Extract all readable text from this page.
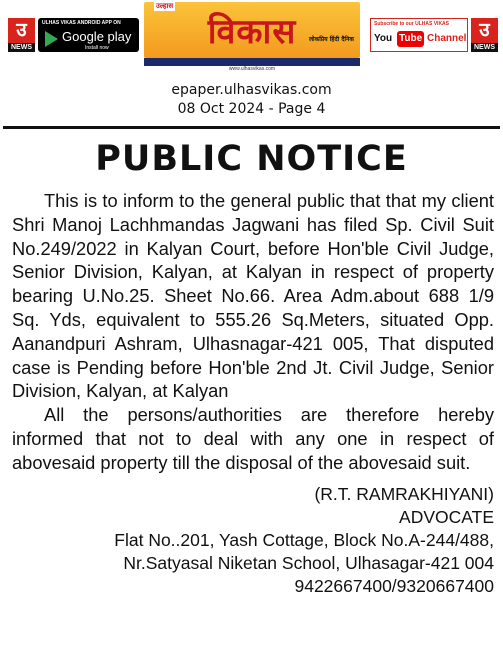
उ
NEWS
ULHAS VIKAS ANDROID APP ON
Google play
Install now
उल्हास
विकास	लोकप्रिय हिंदी दैनिक
www.ulhasvikas.com
Subscribe to our ULHAS VIKAS
You Tube Channel उ
NEWS
epaper.ulhasvikas.com
08 Oct 2024 - Page 4
PUBLIC NOTICE

This is to inform to the general public that that my client Shri Manoj Lachhmandas Jagwani has filed Sp. Civil Suit No.249/2022 in Kalyan Court, before Hon'ble Civil Judge, Senior Division, Kalyan, at Kalyan in respect of property bearing U.No.25. Sheet No.66. Area Adm.about 688 1/9 Sq. Yds, equivalent to 555.26 Sq.Meters, situated Opp. Aanandpuri Ashram, Ulhasnagar-421 005, That disputed case is Pending before Hon'ble 2nd Jt. Civil Judge, Senior Division, Kalyan, at Kalyan

All the persons/authorities are therefore hereby informed that not to deal with any one in respect of abovesaid property till the disposal of the abovesaid suit.

(R.T. RAMRAKHIYANI)
ADVOCATE
Flat No..201, Yash Cottage, Block No.A-244/488,
Nr.Satyasal Niketan School, Ulhasagar-421 004
9422667400/9320667400
